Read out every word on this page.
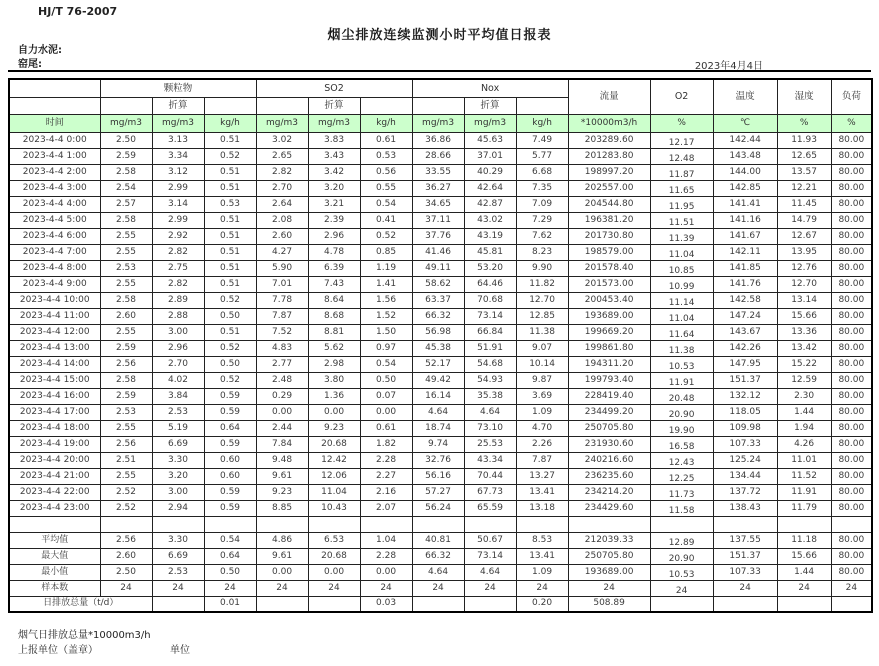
HJ/T 76-2007
烟尘排放连续监测小时平均值日报表
自力水泥:
窑尾:	2023年4月4日
	颗粒物			SO2			Nox			流量	O2	温度	湿度	负荷
		折算			折算			折算						
时间	mg/m3	mg/m3	kg/h	mg/m3	mg/m3	kg/h	mg/m3	mg/m3	kg/h	*10000m3/h	%	℃	%	%
2023-4-4 0:00	2.50	3.13	0.51	3.02	3.83	0.61	36.86	45.63	7.49	203289.60	12.17	142.44	11.93	80.00
2023-4-4 1:00	2.59	3.34	0.52	2.65	3.43	0.53	28.66	37.01	5.77	201283.80	12.48	143.48	12.65	80.00
2023-4-4 2:00	2.58	3.12	0.51	2.82	3.42	0.56	33.55	40.29	6.68	198997.20	11.87	144.00	13.57	80.00
2023-4-4 3:00	2.54	2.99	0.51	2.70	3.20	0.55	36.27	42.64	7.35	202557.00	11.65	142.85	12.21	80.00
2023-4-4 4:00	2.57	3.14	0.53	2.64	3.21	0.54	34.65	42.87	7.09	204544.80	11.95	141.41	11.45	80.00
2023-4-4 5:00	2.58	2.99	0.51	2.08	2.39	0.41	37.11	43.02	7.29	196381.20	11.51	141.16	14.79	80.00
2023-4-4 6:00	2.55	2.92	0.51	2.60	2.96	0.52	37.76	43.19	7.62	201730.80	11.39	141.67	12.67	80.00
2023-4-4 7:00	2.55	2.82	0.51	4.27	4.78	0.85	41.46	45.81	8.23	198579.00	11.04	142.11	13.95	80.00
2023-4-4 8:00	2.53	2.75	0.51	5.90	6.39	1.19	49.11	53.20	9.90	201578.40	10.85	141.85	12.76	80.00
2023-4-4 9:00	2.55	2.82	0.51	7.01	7.43	1.41	58.62	64.46	11.82	201573.00	10.99	141.76	12.70	80.00
2023-4-4 10:00	2.58	2.89	0.52	7.78	8.64	1.56	63.37	70.68	12.70	200453.40	11.14	142.58	13.14	80.00
2023-4-4 11:00	2.60	2.88	0.50	7.87	8.68	1.52	66.32	73.14	12.85	193689.00	11.04	147.24	15.66	80.00
2023-4-4 12:00	2.55	3.00	0.51	7.52	8.81	1.50	56.98	66.84	11.38	199669.20	11.64	143.67	13.36	80.00
2023-4-4 13:00	2.59	2.96	0.52	4.83	5.62	0.97	45.38	51.91	9.07	199861.80	11.38	142.26	13.42	80.00
2023-4-4 14:00	2.56	2.70	0.50	2.77	2.98	0.54	52.17	54.68	10.14	194311.20	10.53	147.95	15.22	80.00
2023-4-4 15:00	2.58	4.02	0.52	2.48	3.80	0.50	49.42	54.93	9.87	199793.40	11.91	151.37	12.59	80.00
2023-4-4 16:00	2.59	3.84	0.59	0.29	1.36	0.07	16.14	35.38	3.69	228419.40	20.48	132.12	2.30	80.00
2023-4-4 17:00	2.53	2.53	0.59	0.00	0.00	0.00	4.64	4.64	1.09	234499.20	20.90	118.05	1.44	80.00
2023-4-4 18:00	2.55	5.19	0.64	2.44	9.23	0.61	18.74	73.10	4.70	250705.80	19.90	109.98	1.94	80.00
2023-4-4 19:00	2.56	6.69	0.59	7.84	20.68	1.82	9.74	25.53	2.26	231930.60	16.58	107.33	4.26	80.00
2023-4-4 20:00	2.51	3.30	0.60	9.48	12.42	2.28	32.76	43.34	7.87	240216.60	12.43	125.24	11.01	80.00
2023-4-4 21:00	2.55	3.20	0.60	9.61	12.06	2.27	56.16	70.44	13.27	236235.60	12.25	134.44	11.52	80.00
2023-4-4 22:00	2.52	3.00	0.59	9.23	11.04	2.16	57.27	67.73	13.41	234214.20	11.73	137.72	11.91	80.00
2023-4-4 23:00	2.52	2.94	0.59	8.85	10.43	2.07	56.24	65.59	13.18	234429.60	11.58	138.43	11.79	80.00

平均值	2.56	3.30	0.54	4.86	6.53	1.04	40.81	50.67	8.53	212039.33	12.89	137.55	11.18	80.00
最大值	2.60	6.69	0.64	9.61	20.68	2.28	66.32	73.14	13.41	250705.80	20.90	151.37	15.66	80.00
最小值	2.50	2.53	0.50	0.00	0.00	0.00	4.64	4.64	1.09	193689.00	10.53	107.33	1.44	80.00
样本数	24	24	24	24	24	24	24	24	24	24	24	24	24	24
日排放总量（t/d）			0.01			0.03			0.20	508.89				
烟气日排放总量*10000m3/h
上报单位（盖章）	单位
